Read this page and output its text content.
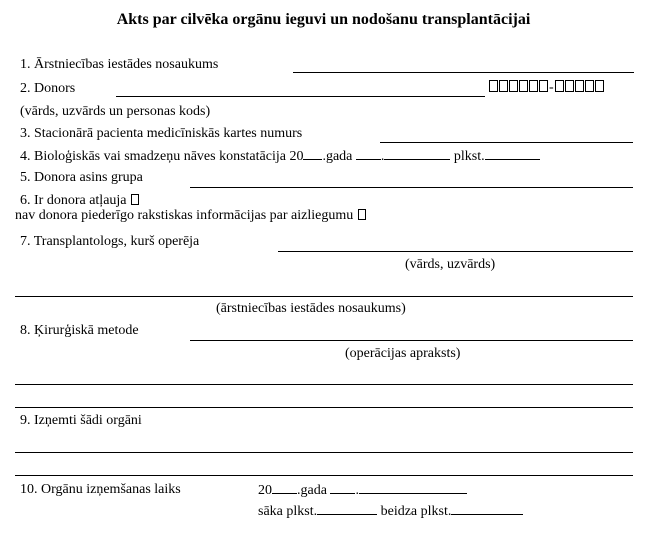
Akts par cilvēka orgānu ieguvi un nodošanu transplantācijai
1. Ārstniecības iestādes nosaukums
2. Donors	-
(vārds, uzvārds un personas kods)
3. Stacionārā pacienta medicīniskās kartes numurs
4. Bioloģiskās vai smadzeņu nāves konstatācija 20 .gada .	plkst.
5. Donora asins grupa
6. Ir donora atļauja
nav donora piederīgo rakstiskas informācijas par aizliegumu
7. Transplantologs, kurš operēja
(vārds, uzvārds)
(ārstniecības iestādes nosaukums)
8. Ķirurģiskā metode
(operācijas apraksts)
9. Izņemti šādi orgāni
10. Orgānu izņemšanas laiks	20 .gada .
sāka plkst.	beidza plkst.
